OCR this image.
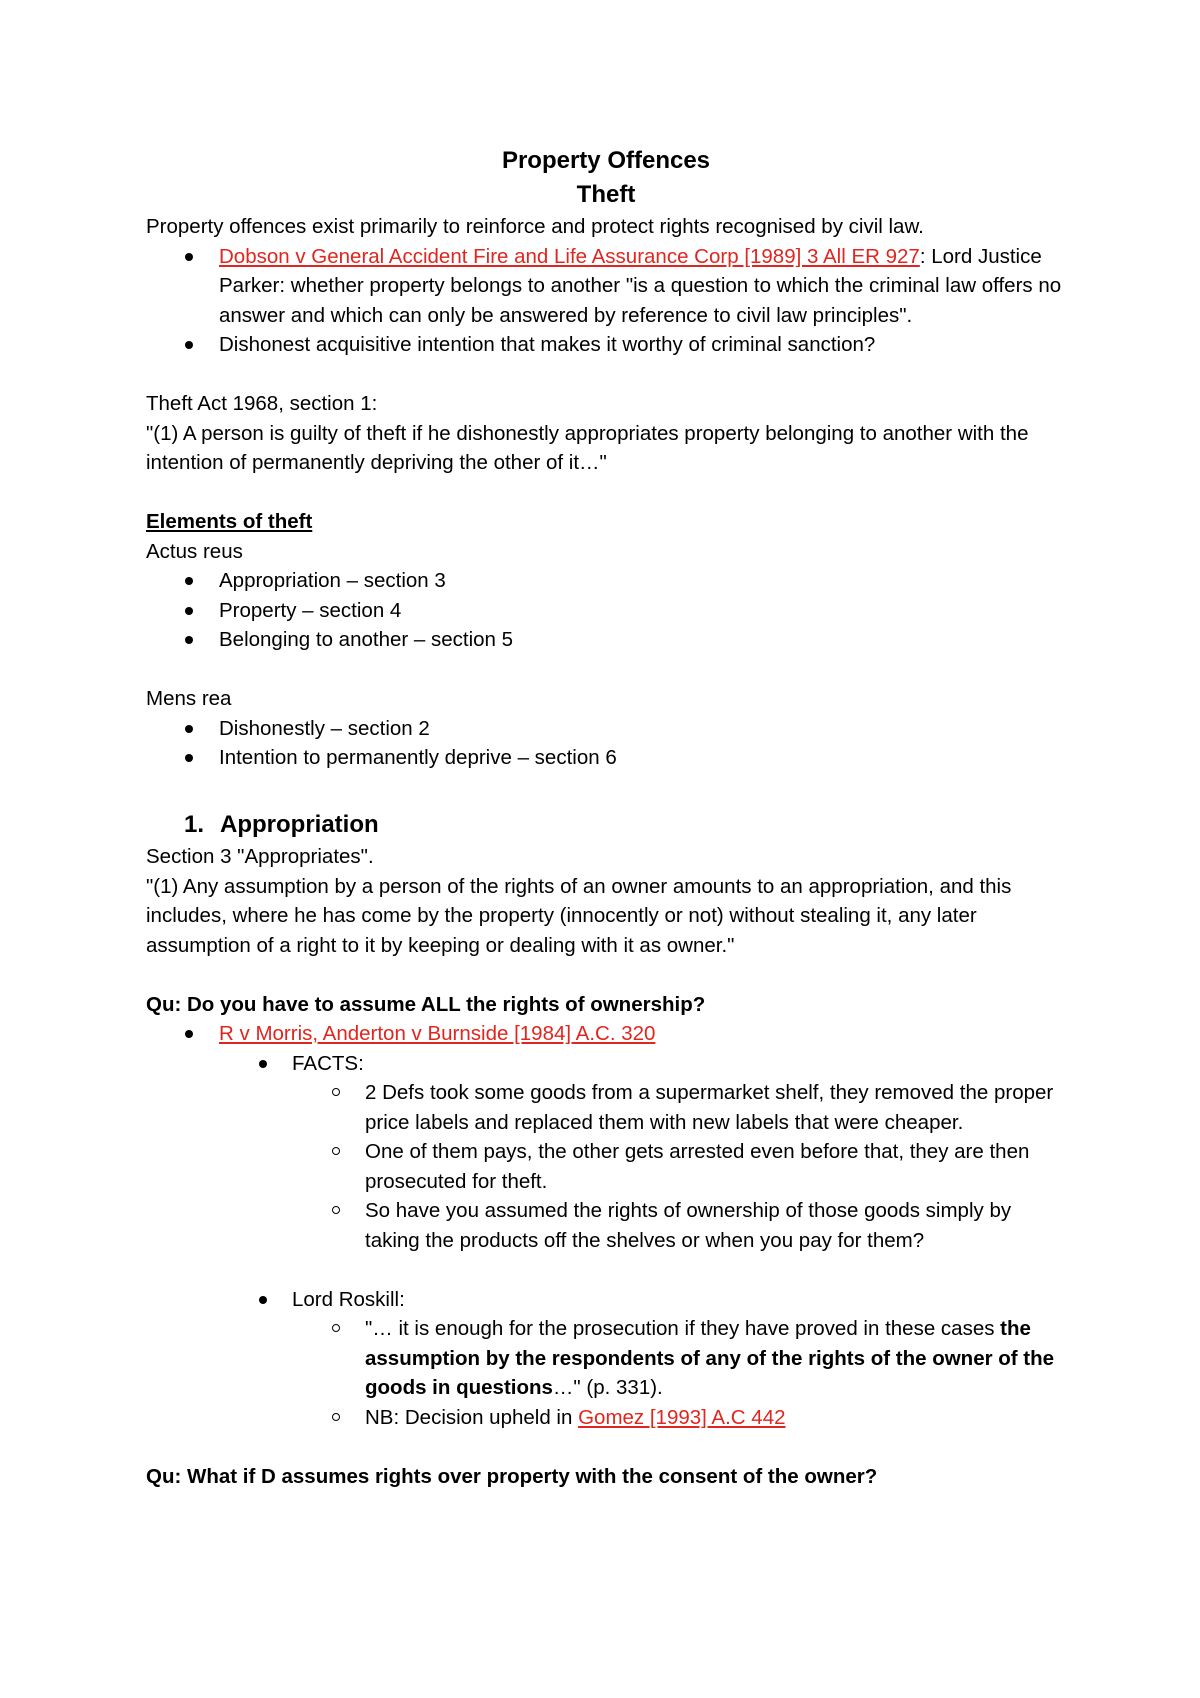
Property Offences
Theft

Property offences exist primarily to reinforce and protect rights recognised by civil law.

Dobson v General Accident Fire and Life Assurance Corp [1989] 3 All ER 927: Lord Justice Parker: whether property belongs to another "is a question to which the criminal law offers no answer and which can only be answered by reference to civil law principles".
Dishonest acquisitive intention that makes it worthy of criminal sanction?

Theft Act 1968, section 1:

"(1) A person is guilty of theft if he dishonestly appropriates property belonging to another with the intention of permanently depriving the other of it…"

Elements of theft

Actus reus

Appropriation – section 3
Property – section 4
Belonging to another – section 5

Mens rea

Dishonestly – section 2
Intention to permanently deprive – section 6
1. Appropriation

Section 3 "Appropriates".

"(1) Any assumption by a person of the rights of an owner amounts to an appropriation, and this includes, where he has come by the property (innocently or not) without stealing it, any later assumption of a right to it by keeping or dealing with it as owner."

Qu: Do you have to assume ALL the rights of ownership?

R v Morris, Anderton v Burnside [1984] A.C. 320
FACTS:
2 Defs took some goods from a supermarket shelf, they removed the proper price labels and replaced them with new labels that were cheaper.
One of them pays, the other gets arrested even before that, they are then prosecuted for theft.
So have you assumed the rights of ownership of those goods simply by taking the products off the shelves or when you pay for them?
Lord Roskill:
"… it is enough for the prosecution if they have proved in these cases the assumption by the respondents of any of the rights of the owner of the goods in questions…" (p. 331).
NB: Decision upheld in Gomez [1993] A.C 442

Qu: What if D assumes rights over property with the consent of the owner?
